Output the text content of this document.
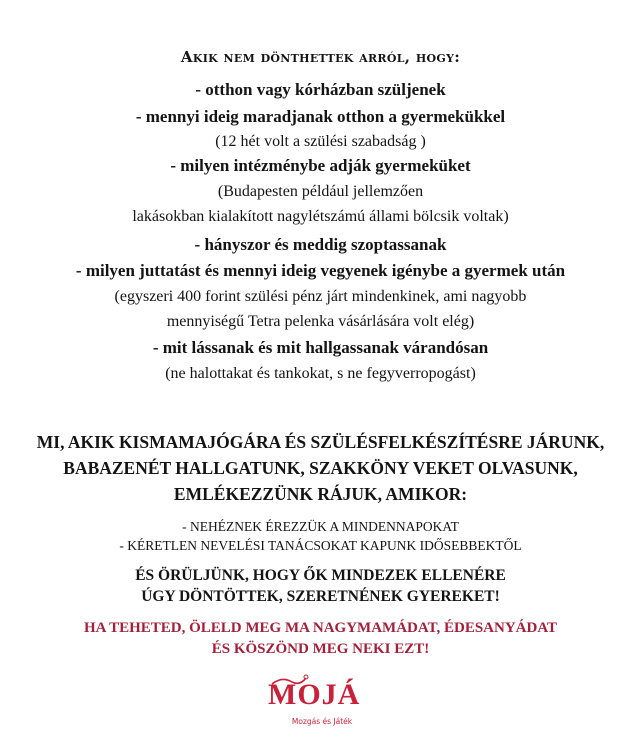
Akik nem dönthettek arról, hogy:
- otthon vagy kórházban szüljenek
- mennyi ideig maradjanak otthon a gyermekükkel
(12 hét volt a szülési szabadság )
- milyen intézménybe adják gyermeküket
(Budapesten például jellemzően
lakásokban kialakított nagylétszámú állami bölcsik voltak)
- hányszor és meddig szoptassanak
- milyen juttatást és mennyi ideig vegyenek igénybe a gyermek után
(egyszeri 400 forint szülési pénz járt mindenkinek, ami nagyobb
mennyiségű Tetra pelenka vásárlására volt elég)
- mit lássanak és mit hallgassanak várandósan
(ne halottakat és tankokat, s ne fegyverropogást)
MI, AKIK KISMAMAJÓGÁRA ÉS SZÜLÉSFELKÉSZÍTÉSRE JÁRUNK,
BABAZENÉT HALLGATUNK, SZAKKÖNY VEKET OLVASUNK,
EMLÉKEZZÜNK RÁJUK, AMIKOR:
- NEHÉZNEK ÉREZZÜK A MINDENNAPOKAT
- KÉRETLEN NEVELÉSI TANÁCSOKAT KAPUNK IDŐSEBBEKTŐL
ÉS ÖRÜLJÜNK, HOGY ŐK MINDEZEK ELLENÉRE
ÚGY DÖNTÖTTEK, SZERETNÉNEK GYEREKET!
HA TEHETED, ÖLELD MEG MA NAGYMAMÁDAT, ÉDESANYÁDAT
ÉS KÖSZÖND MEG NEKI EZT!
MOJÁ
Mozgás és Játék
